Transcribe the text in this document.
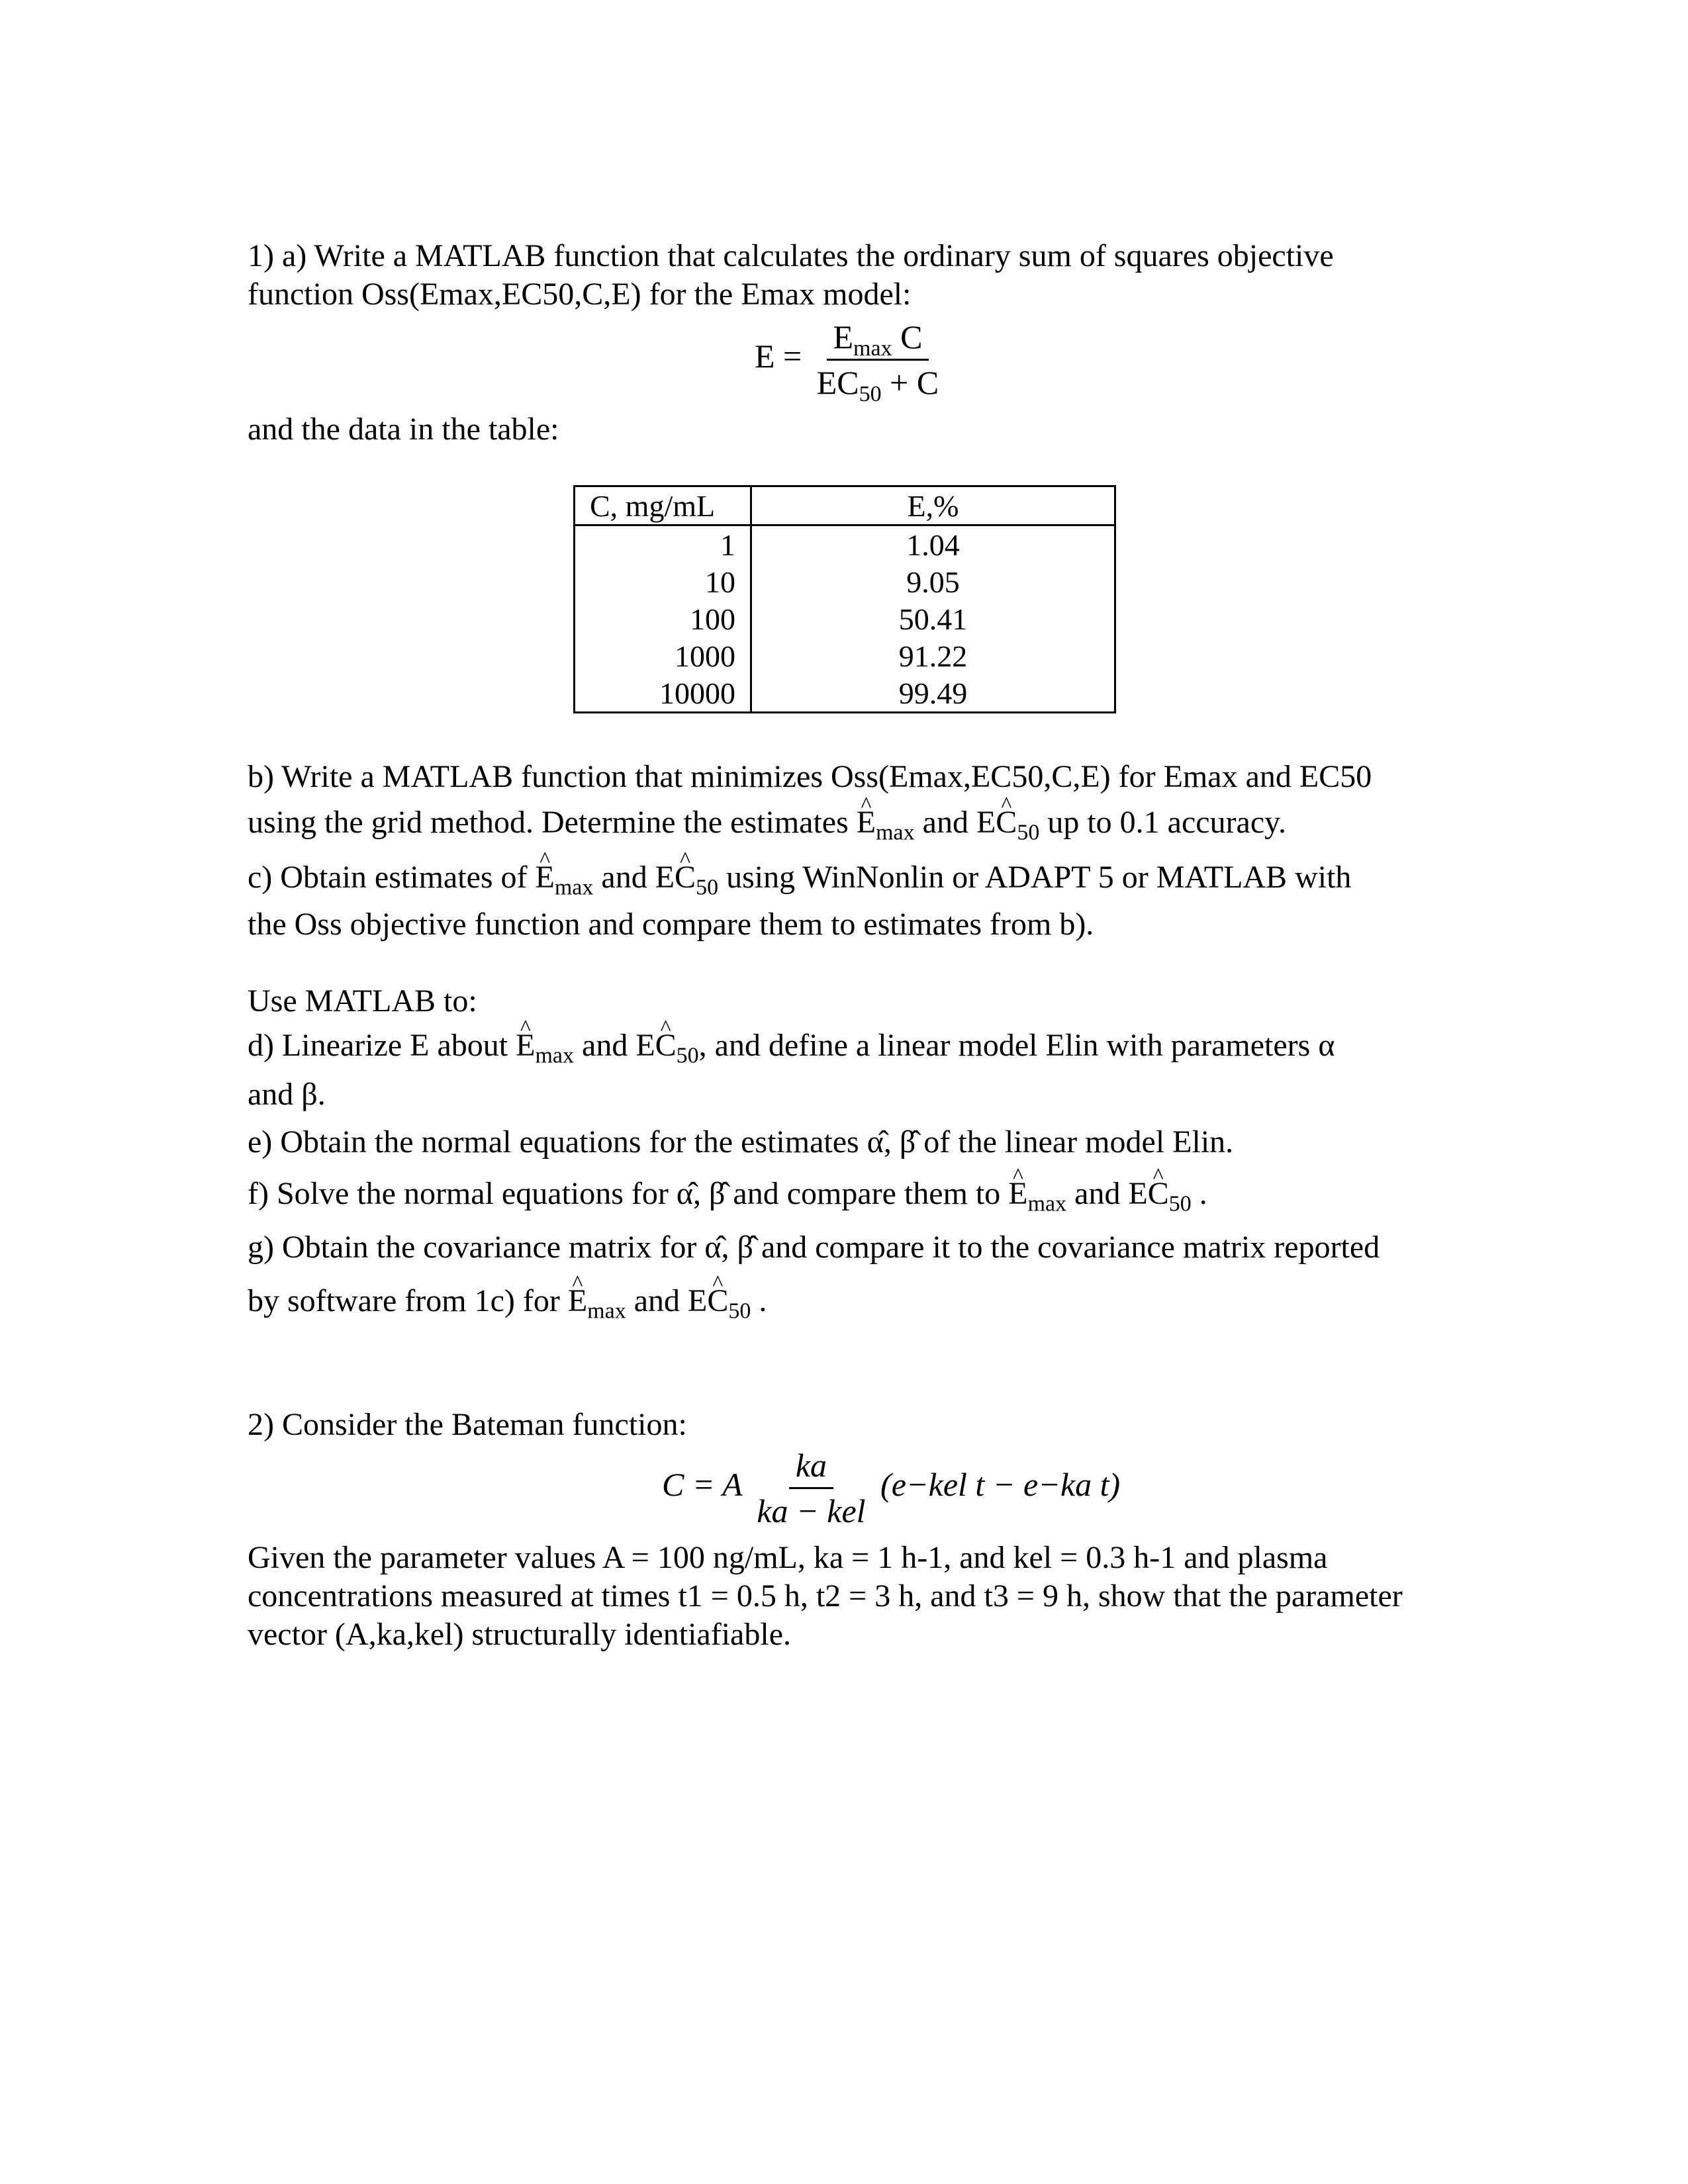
1) a) Write a MATLAB function that calculates the ordinary sum of squares objective
function Oss(Emax,EC50,C,E) for the Emax model:
$E = \frac{E_{max} C}{EC_{50} + C}$
and the data in the table:
C, mg/mL	E,%
1	1.04
10	9.05
100	50.41
1000	91.22
10000	99.49
b) Write a MATLAB function that minimizes Oss(Emax,EC50,C,E) for Emax and EC50
using the grid method. Determine the estimates ^ $E_{max}$ and E^ $C_{50}$ up to 0.1 accuracy.
c) Obtain estimates of ^ $E_{max}$ and E^ $C_{50}$ using WinNonlin or ADAPT 5 or MATLAB with
the Oss objective function and compare them to estimates from b).
Use MATLAB to:
d) Linearize E about ^ $E_{max}$ and E^ $C_{50}$, and define a linear model Elin with parameters α
and β.
e) Obtain the normal equations for the estimates α̂, β̂ of the linear model Elin.
f) Solve the normal equations for α̂, β̂ and compare them to ^ $E_{max}$ and E^ $C_{50}$ .
g) Obtain the covariance matrix for α̂, β̂ and compare it to the covariance matrix reported
by software from 1c) for ^ $E_{max}$ and E^ $C_{50}$ .
2) Consider the Bateman function:
C = A $\frac{ka}{\text{ka − kel}} (e-kel$ t − e−ka t)
Given the parameter values A = 100 ng/mL, ka = 1 h-1, and kel = 0.3 h-1 and plasma
concentrations measured at times t1 = 0.5 h, t2 = 3 h, and t3 = 9 h, show that the parameter
vector (A,ka,kel) structurally identiafiable.
